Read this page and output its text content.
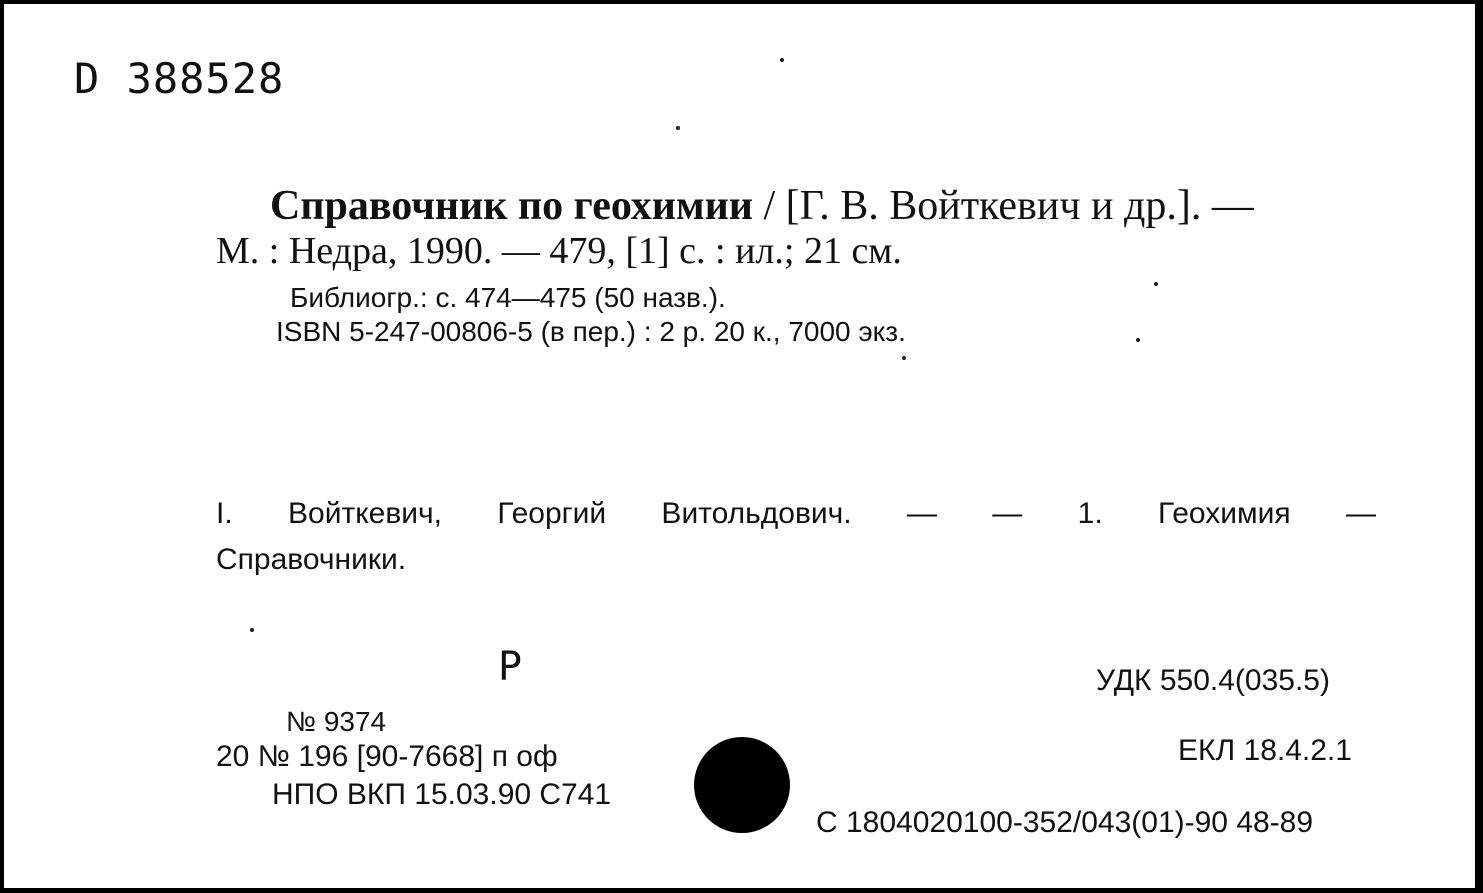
D 388528
Справочник по геохимии / [Г. В. Войткевич и др.]. —
М. : Недра, 1990. — 479, [1] с. : ил.; 21 см.
Библиогр.: с. 474—475 (50 назв.).
ISBN 5-247-00806-5 (в пер.) : 2 р. 20 к., 7000 экз.
I. Войткевич, Георгий Витольдович. — — 1. Геохимия — Справочники.
Р
№ 9374
20 № 196 [90-7668] п оф
НПО ВКП 15.03.90 С741
УДК 550.4(035.5)
ЕКЛ 18.4.2.1
С 1804020100-352/043(01)-90 48-89
